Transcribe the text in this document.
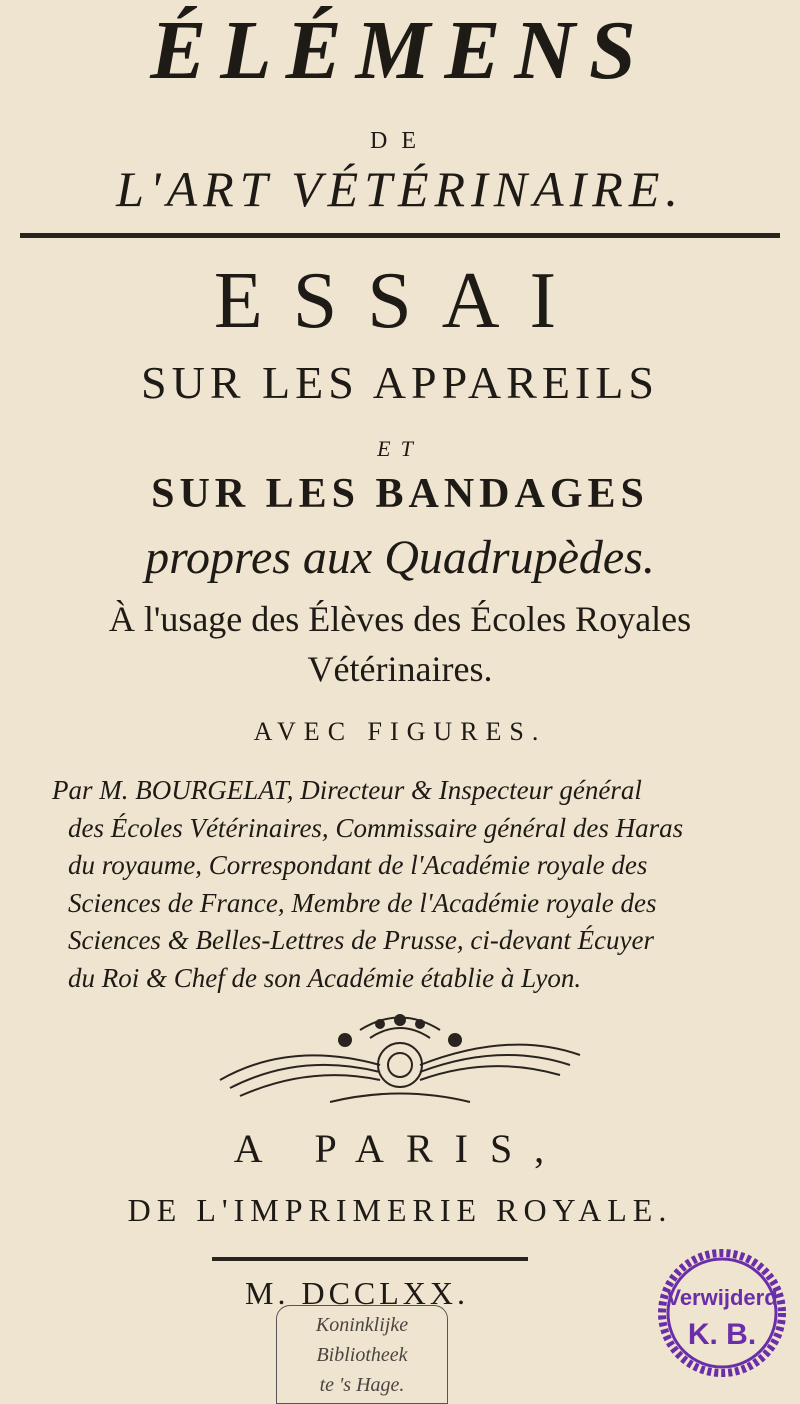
ÉLÉMENS
DE
L'ART VÉTÉRINAIRE.
ESSAI
SUR LES APPAREILS
ET
SUR LES BANDAGES
propres aux Quadrupèdes.
À l'usage des Élèves des Écoles Royales
Vétérinaires.
AVEC FIGURES.
Par M. BOURGELAT, Directeur & Inspecteur général
des Écoles Vétérinaires, Commissaire général des Haras
du royaume, Correspondant de l'Académie royale des
Sciences de France, Membre de l'Académie royale des
Sciences & Belles-Lettres de Prusse, ci-devant Écuyer
du Roi & Chef de son Académie établie à Lyon.
A PARIS,
DE L'IMPRIMERIE ROYALE.
M. DCCLXX.
Koninklijke
Bibliotheek
te 's Hage.
Verwijderd
K. B.
